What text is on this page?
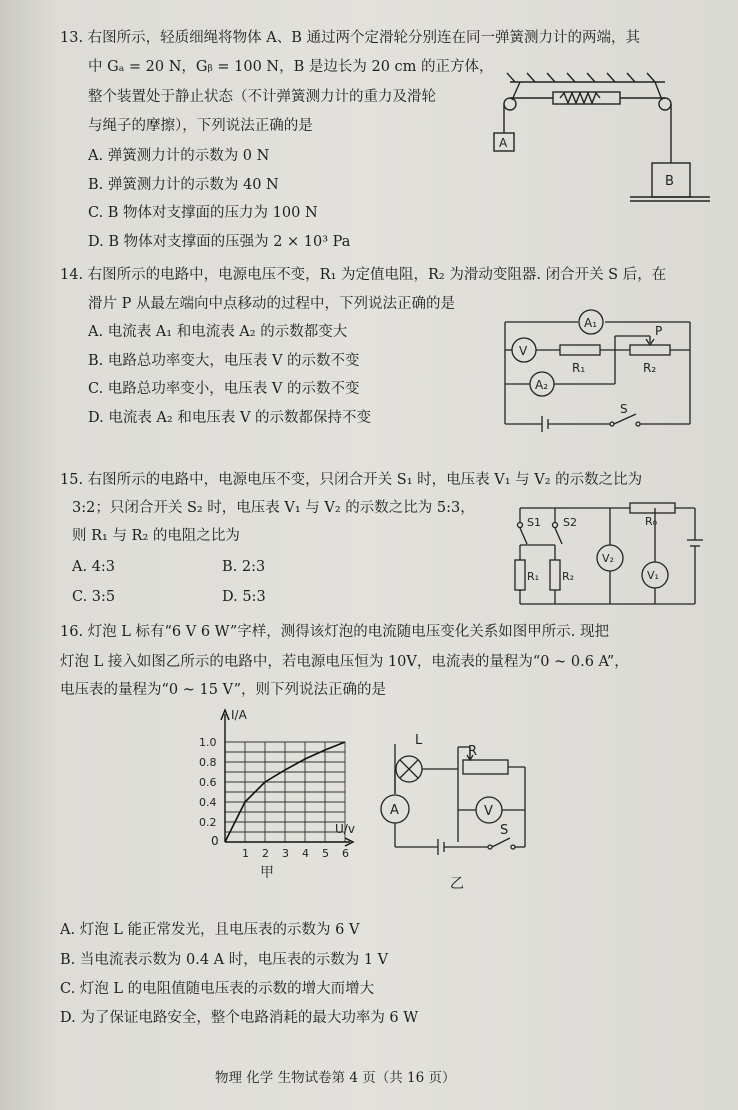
13. 右图所示，轻质细绳将物体 A、B 通过两个定滑轮分别连在同一弹簧测力计的两端，其
中 Gₐ = 20 N，Gᵦ = 100 N，B 是边长为 20 cm 的正方体，
整个装置处于静止状态（不计弹簧测力计的重力及滑轮
与绳子的摩擦），下列说法正确的是
A. 弹簧测力计的示数为 0 N
B. 弹簧测力计的示数为 40 N
C. B 物体对支撑面的压力为 100 N
D. B 物体对支撑面的压强为 2 × 10³ Pa
A
B
14. 右图所示的电路中，电源电压不变，R₁ 为定值电阻，R₂ 为滑动变阻器. 闭合开关 S 后，在
滑片 P 从最左端向中点移动的过程中，下列说法正确的是
A. 电流表 A₁ 和电流表 A₂ 的示数都变大
B. 电路总功率变大，电压表 V 的示数不变
C. 电路总功率变小，电压表 V 的示数不变
D. 电流表 A₂ 和电压表 V 的示数都保持不变
A₁
V
R₁
P
R₂
A₂
S
15. 右图所示的电路中，电源电压不变，只闭合开关 S₁ 时，电压表 V₁ 与 V₂ 的示数之比为
3:2；只闭合开关 S₂ 时，电压表 V₁ 与 V₂ 的示数之比为 5:3，
则 R₁ 与 R₂ 的电阻之比为
A. 4:3	B. 2:3
C. 3:5	D. 5:3
S1 S2	R₀
R₁ R₂
V₂
V₁
16. 灯泡 L 标有“6 V 6 W”字样，测得该灯泡的电流随电压变化关系如图甲所示. 现把
灯泡 L 接入如图乙所示的电路中，若电源电压恒为 10V，电流表的量程为“0 ~ 0.6 A”，
电压表的量程为“0 ~ 15 V”，则下列说法正确的是
I/A
U/v
0
1.0
0.8
0.6
0.4
0.2
1 2 3 4 5 6
甲
L
R
A	V
S
乙
A. 灯泡 L 能正常发光，且电压表的示数为 6 V
B. 当电流表示数为 0.4 A 时，电压表的示数为 1 V
C. 灯泡 L 的电阻值随电压表的示数的增大而增大
D. 为了保证电路安全，整个电路消耗的最大功率为 6 W
物理 化学 生物试卷第 4 页（共 16 页）
